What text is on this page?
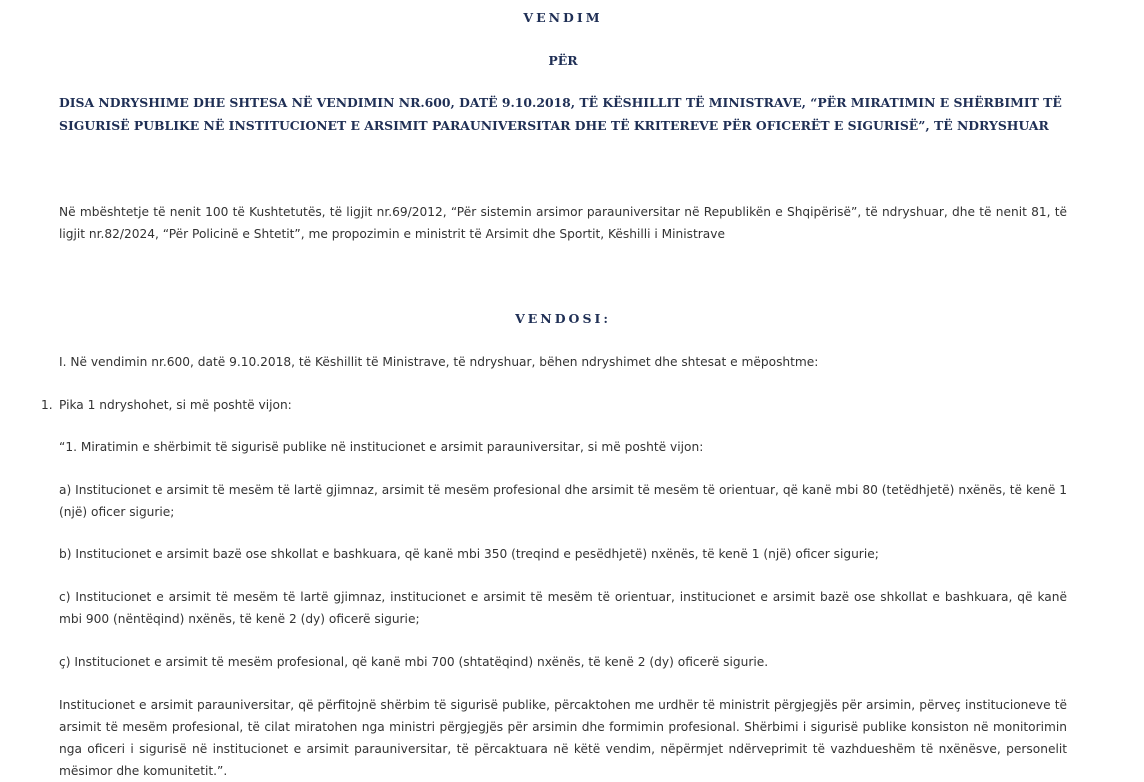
VENDIM
PËR
DISA NDRYSHIME DHE SHTESA NË VENDIMIN NR.600, DATË 9.10.2018, TË KËSHILLIT TË MINISTRAVE, “PËR MIRATIMIN E SHËRBIMIT TË SIGURISË PUBLIKE NË INSTITUCIONET E ARSIMIT PARAUNIVERSITAR DHE TË KRITEREVE PËR OFICERËT E SIGURISË”, TË NDRYSHUAR
Në mbështetje të nenit 100 të Kushtetutës, të ligjit nr.69/2012, “Për sistemin arsimor parauniversitar në Republikën e Shqipërisë”, të ndryshuar, dhe të nenit 81, të ligjit nr.82/2024, “Për Policinë e Shtetit”, me propozimin e ministrit të Arsimit dhe Sportit, Këshilli i Ministrave
VENDOSI:
I. Në vendimin nr.600, datë 9.10.2018, të Këshillit të Ministrave, të ndryshuar, bëhen ndryshimet dhe shtesat e mëposhtme:
1. Pika 1 ndryshohet, si më poshtë vijon:
“1. Miratimin e shërbimit të sigurisë publike në institucionet e arsimit parauniversitar, si më poshtë vijon:
a) Institucionet e arsimit të mesëm të lartë gjimnaz, arsimit të mesëm profesional dhe arsimit të mesëm të orientuar, që kanë mbi 80 (tetëdhjetë) nxënës, të kenë 1 (një) oficer sigurie;
b) Institucionet e arsimit bazë ose shkollat e bashkuara, që kanë mbi 350 (treqind e pesëdhjetë) nxënës, të kenë 1 (një) oficer sigurie;
c) Institucionet e arsimit të mesëm të lartë gjimnaz, institucionet e arsimit të mesëm të orientuar, institucionet e arsimit bazë ose shkollat e bashkuara, që kanë mbi 900 (nëntëqind) nxënës, të kenë 2 (dy) oficerë sigurie;
ç) Institucionet e arsimit të mesëm profesional, që kanë mbi 700 (shtatëqind) nxënës, të kenë 2 (dy) oficerë sigurie.
Institucionet e arsimit parauniversitar, që përfitojnë shërbim të sigurisë publike, përcaktohen me urdhër të ministrit përgjegjës për arsimin, përveç institucioneve të arsimit të mesëm profesional, të cilat miratohen nga ministri përgjegjës për arsimin dhe formimin profesional. Shërbimi i sigurisë publike konsiston në monitorimin nga oficeri i sigurisë në institucionet e arsimit parauniversitar, të përcaktuara në këtë vendim, nëpërmjet ndërveprimit të vazhdueshëm të nxënësve, personelit mësimor dhe komunitetit.”.
